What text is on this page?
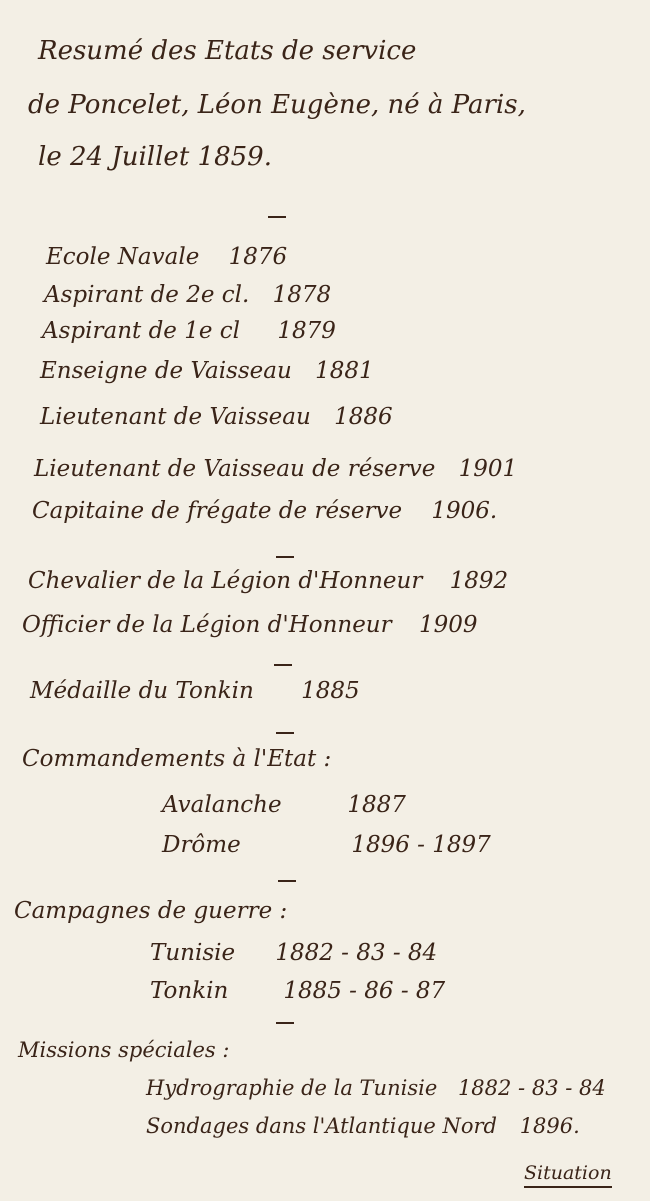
Resumé des Etats de service
de Poncelet, Léon Eugène, né à Paris,
le 24 Juillet 1859.
Ecole Navale 1876
Aspirant de 2e cl. 1878
Aspirant de 1e cl 1879
Enseigne de Vaisseau 1881
Lieutenant de Vaisseau 1886
Lieutenant de Vaisseau de réserve 1901
Capitaine de frégate de réserve 1906.
Chevalier de la Légion d'Honneur 1892
Officier de la Légion d'Honneur 1909
Médaille du Tonkin 1885
Commandements à l'Etat :
Avalanche	1887
Drôme	1896 - 1897
Campagnes de guerre :
Tunisie 1882 - 83 - 84
Tonkin 1885 - 86 - 87
Missions spéciales :
Hydrographie de la Tunisie 1882 - 83 - 84
Sondages dans l'Atlantique Nord 1896.
Situation
